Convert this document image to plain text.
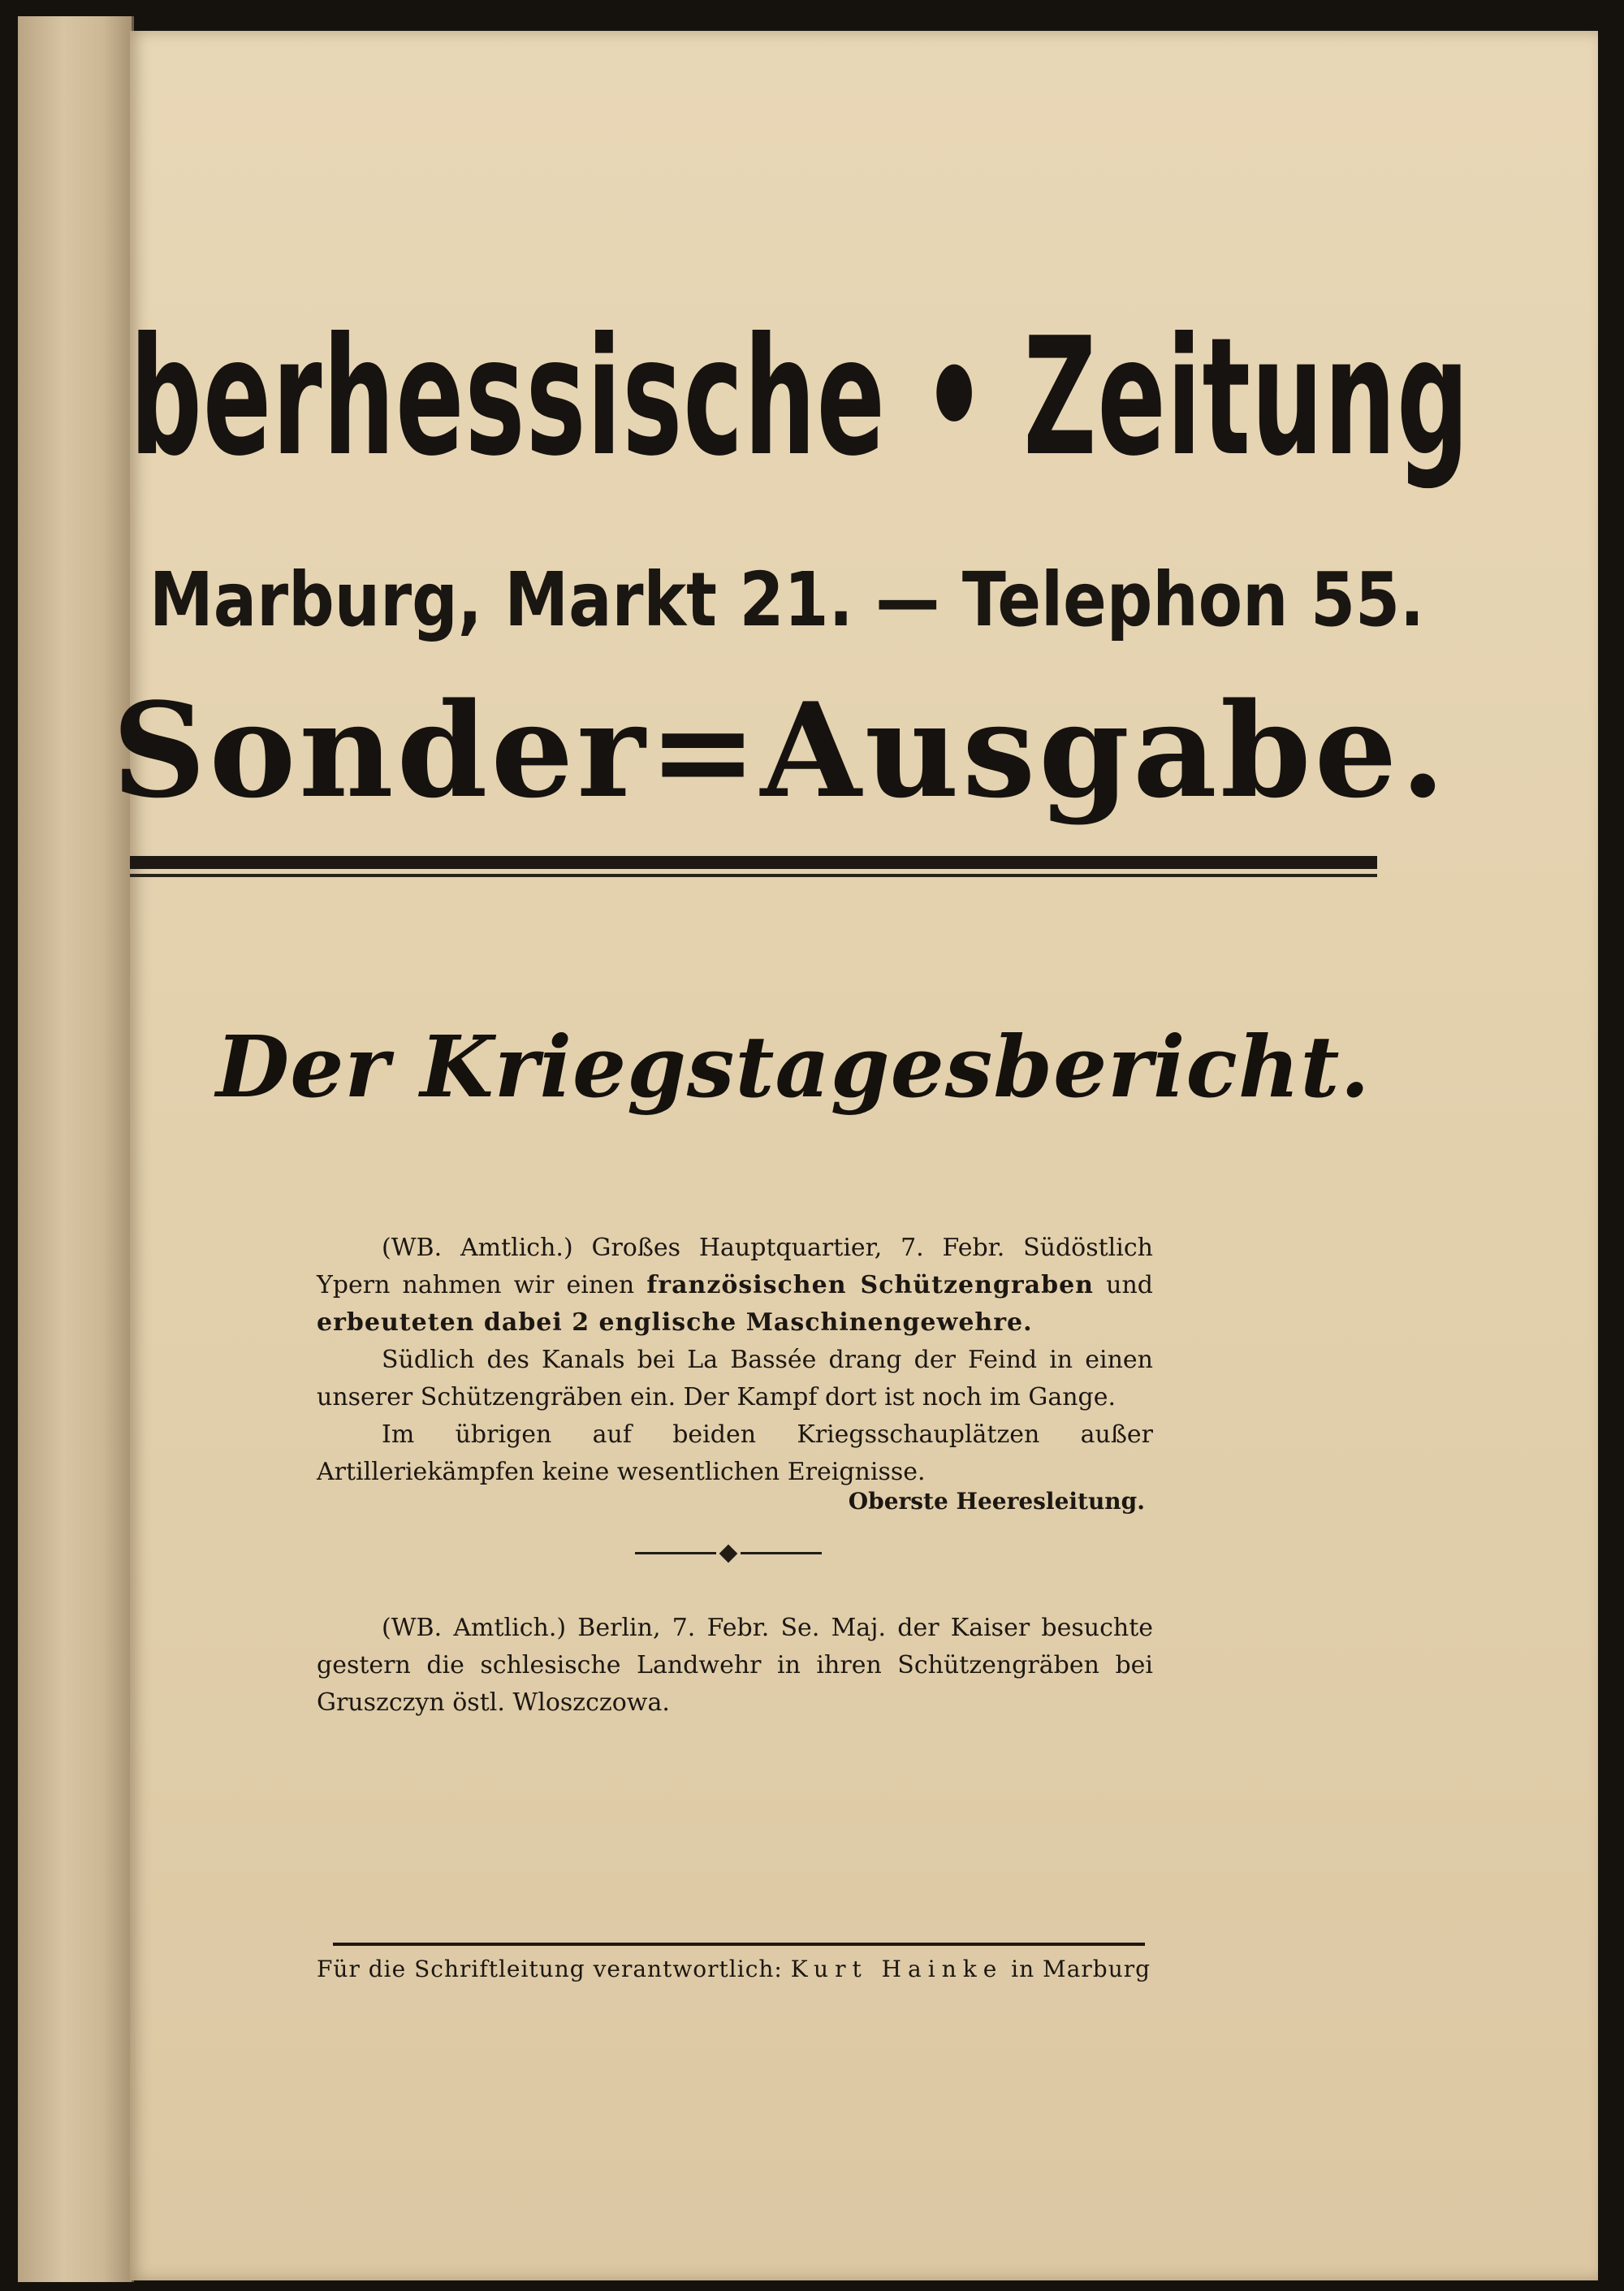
berhessische • Zeitung
Marburg, Markt 21. — Telephon 55.
Sonder=Ausgabe.
Der Kriegstagesbericht.

(WB. Amtlich.) Großes Hauptquartier, 7. Febr. Südöstlich Ypern nahmen wir einen französischen Schützengraben und erbeuteten dabei 2 englische Maschinengewehre.

Südlich des Kanals bei La Bassée drang der Feind in einen unserer Schützengräben ein. Der Kampf dort ist noch im Gange.

Im übrigen auf beiden Kriegsschauplätzen außer Artilleriekämpfen keine wesentlichen Ereignisse.

Oberste Heeresleitung.

(WB. Amtlich.) Berlin, 7. Febr. Se. Maj. der Kaiser besuchte gestern die schlesische Landwehr in ihren Schützengräben bei Gruszczyn östl. Wloszczowa.

Für die Schriftleitung verantwortlich: Kurt Hainke in Marburg
